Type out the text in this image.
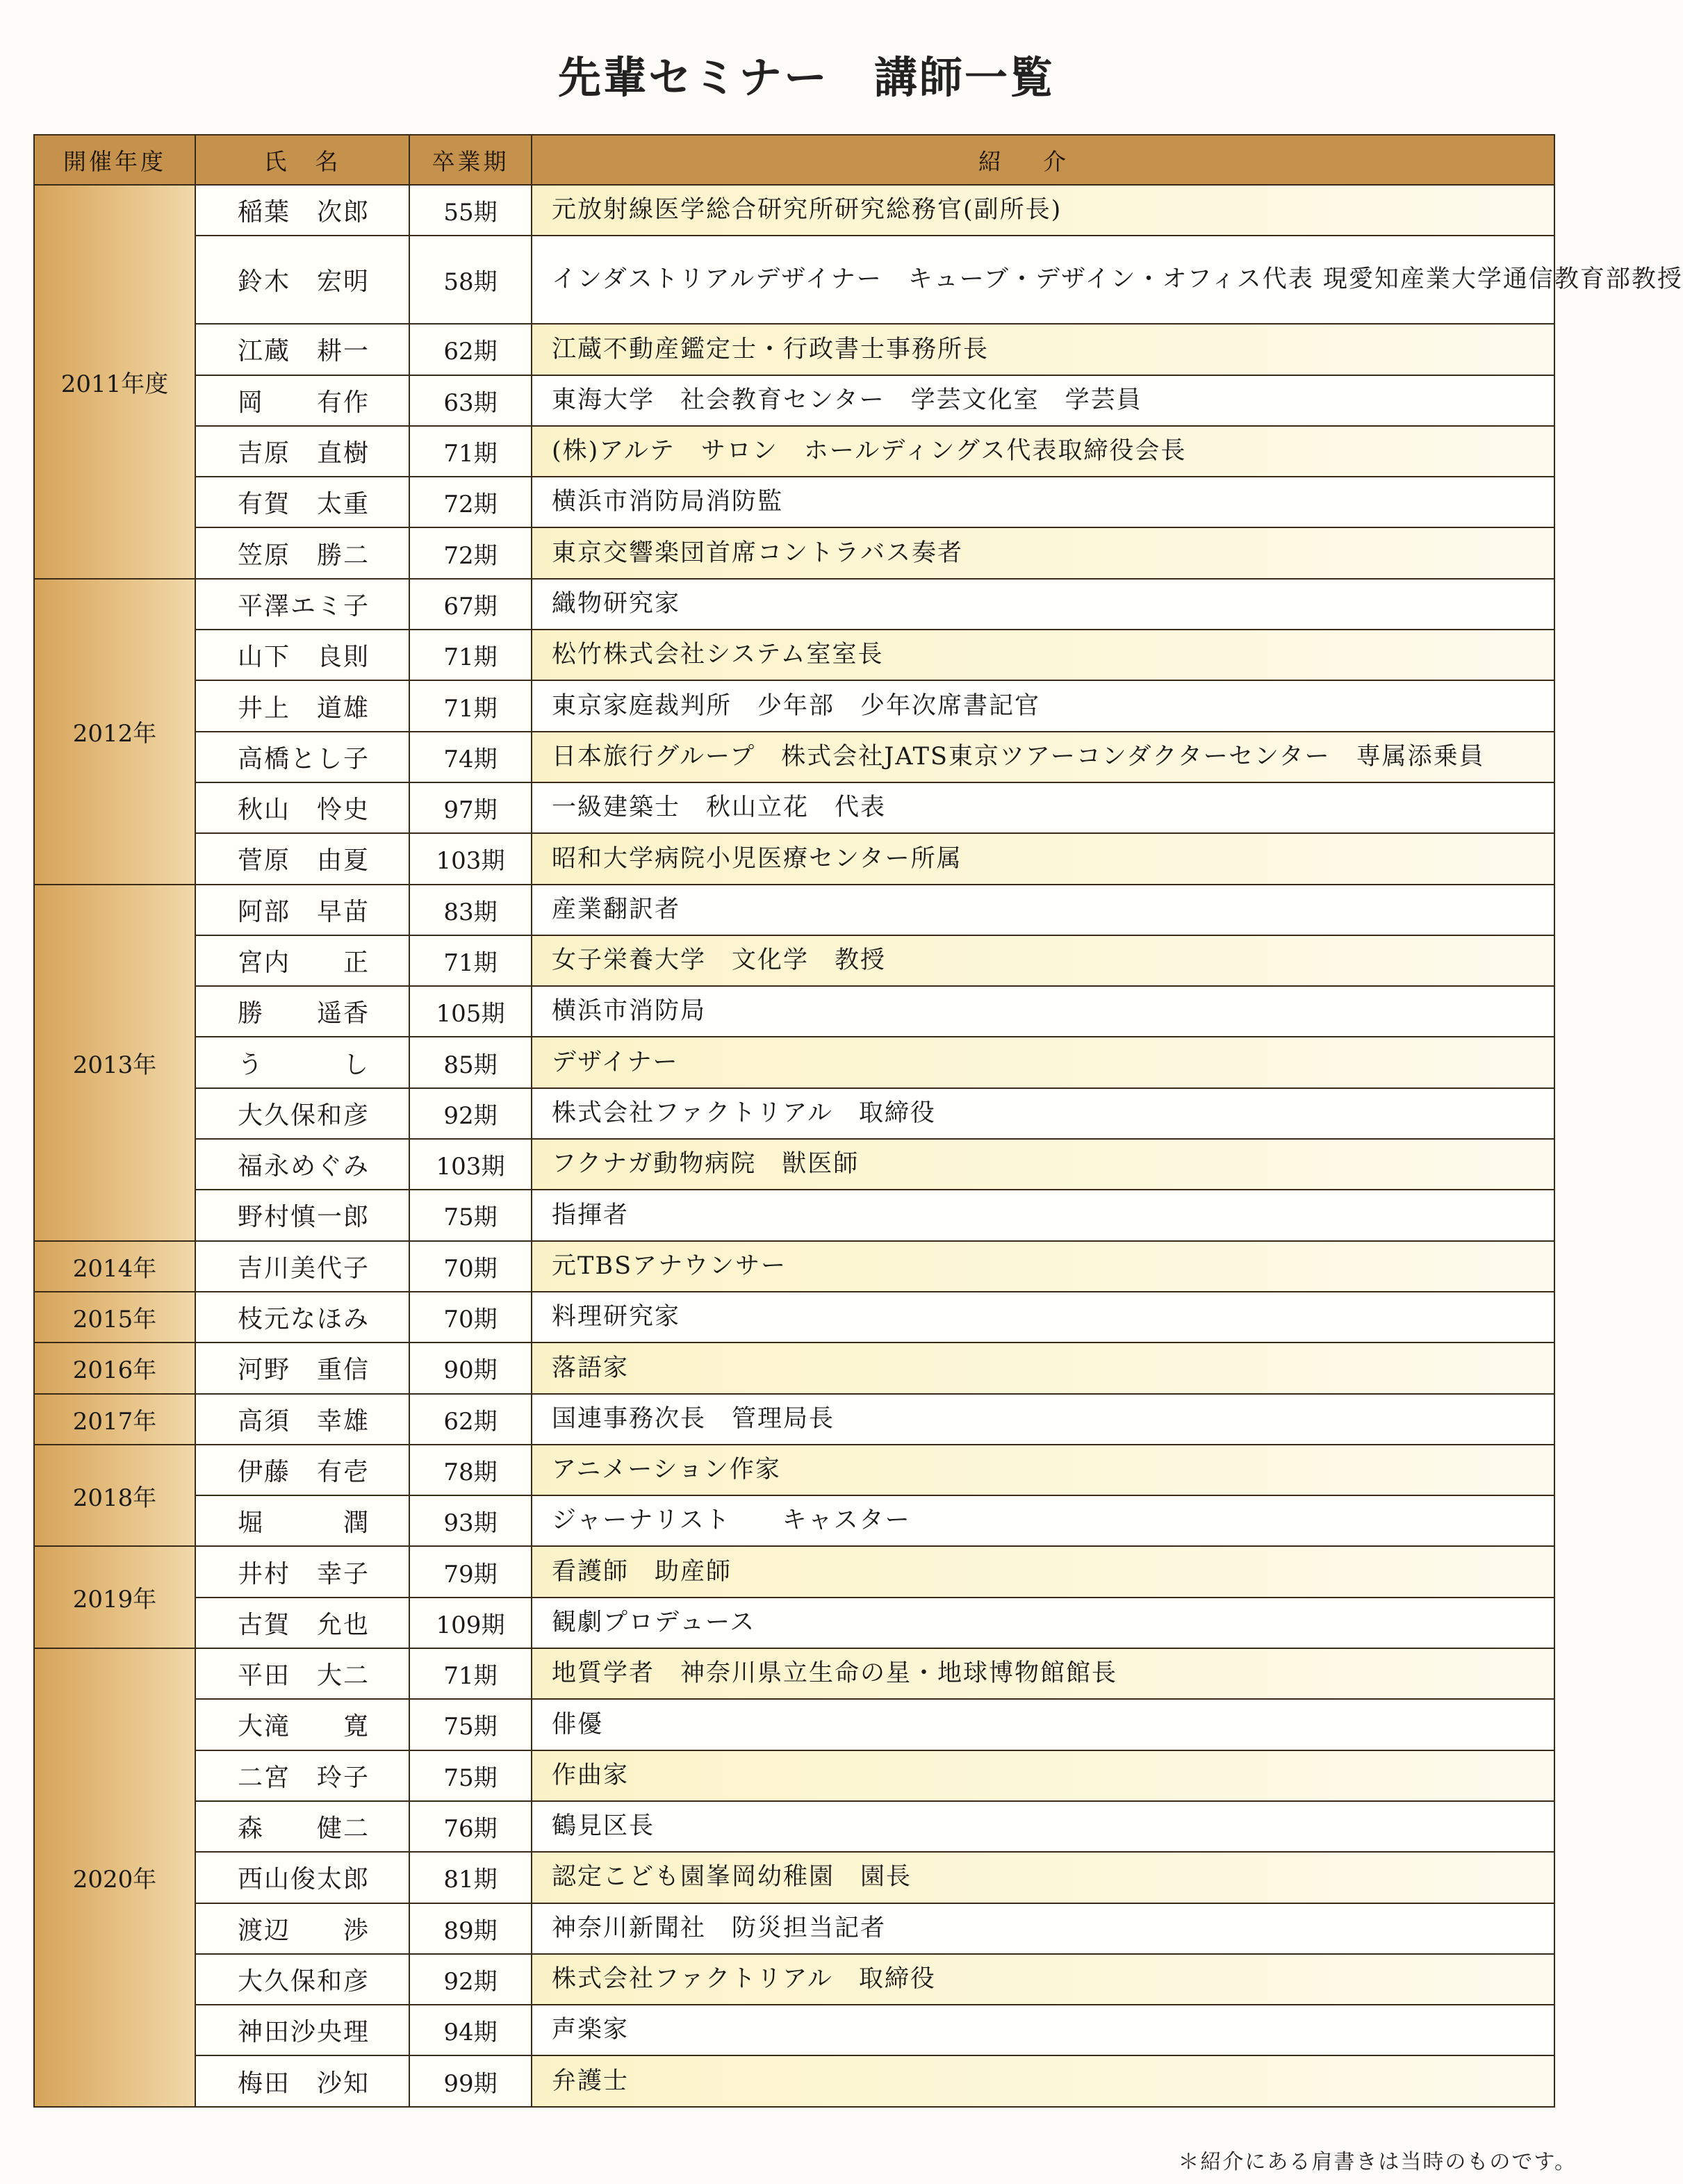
先輩セミナー　講師一覧
開催年度	氏　名	卒業期	紹介
2011年度	稲葉　次郎	55期	元放射線医学総合研究所研究総務官(副所長)
	鈴木　宏明	58期	インダストリアルデザイナー　キューブ・デザイン・オフィス代表 現愛知産業大学通信教育部教授
	江蔵　耕一	62期	江蔵不動産鑑定士・行政書士事務所長
	岡　　有作	63期	東海大学　社会教育センター　学芸文化室　学芸員
	吉原　直樹	71期	(株)アルテ　サロン　ホールディングス代表取締役会長
	有賀　太重	72期	横浜市消防局消防監
	笠原　勝二	72期	東京交響楽団首席コントラバス奏者
2012年	平澤エミ子	67期	織物研究家
	山下　良則	71期	松竹株式会社システム室室長
	井上　道雄	71期	東京家庭裁判所　少年部　少年次席書記官
	高橋とし子	74期	日本旅行グループ　株式会社JATS東京ツアーコンダクターセンター　専属添乗員
	秋山　怜史	97期	一級建築士　秋山立花　代表
	菅原　由夏	103期	昭和大学病院小児医療センター所属
2013年	阿部　早苗	83期	産業翻訳者
	宮内　　正	71期	女子栄養大学　文化学　教授
	勝　　遥香	105期	横浜市消防局
	う　　　し	85期	デザイナー
	大久保和彦	92期	株式会社ファクトリアル　取締役
	福永めぐみ	103期	フクナガ動物病院　獣医師
	野村慎一郎	75期	指揮者
2014年	吉川美代子	70期	元TBSアナウンサー
2015年	枝元なほみ	70期	料理研究家
2016年	河野　重信	90期	落語家
2017年	高須　幸雄	62期	国連事務次長　管理局長
2018年	伊藤　有壱	78期	アニメーション作家
	堀　　　潤	93期	ジャーナリスト　　キャスター
2019年	井村　幸子	79期	看護師　助産師
	古賀　允也	109期	観劇プロデュース
2020年	平田　大二	71期	地質学者　神奈川県立生命の星・地球博物館館長
	大滝　　寛	75期	俳優
	二宮　玲子	75期	作曲家
	森　　健二	76期	鶴見区長
	西山俊太郎	81期	認定こども園峯岡幼稚園　園長
	渡辺　　渉	89期	神奈川新聞社　防災担当記者
	大久保和彦	92期	株式会社ファクトリアル　取締役
	神田沙央理	94期	声楽家
	梅田　沙知	99期	弁護士
＊紹介にある肩書きは当時のものです。
